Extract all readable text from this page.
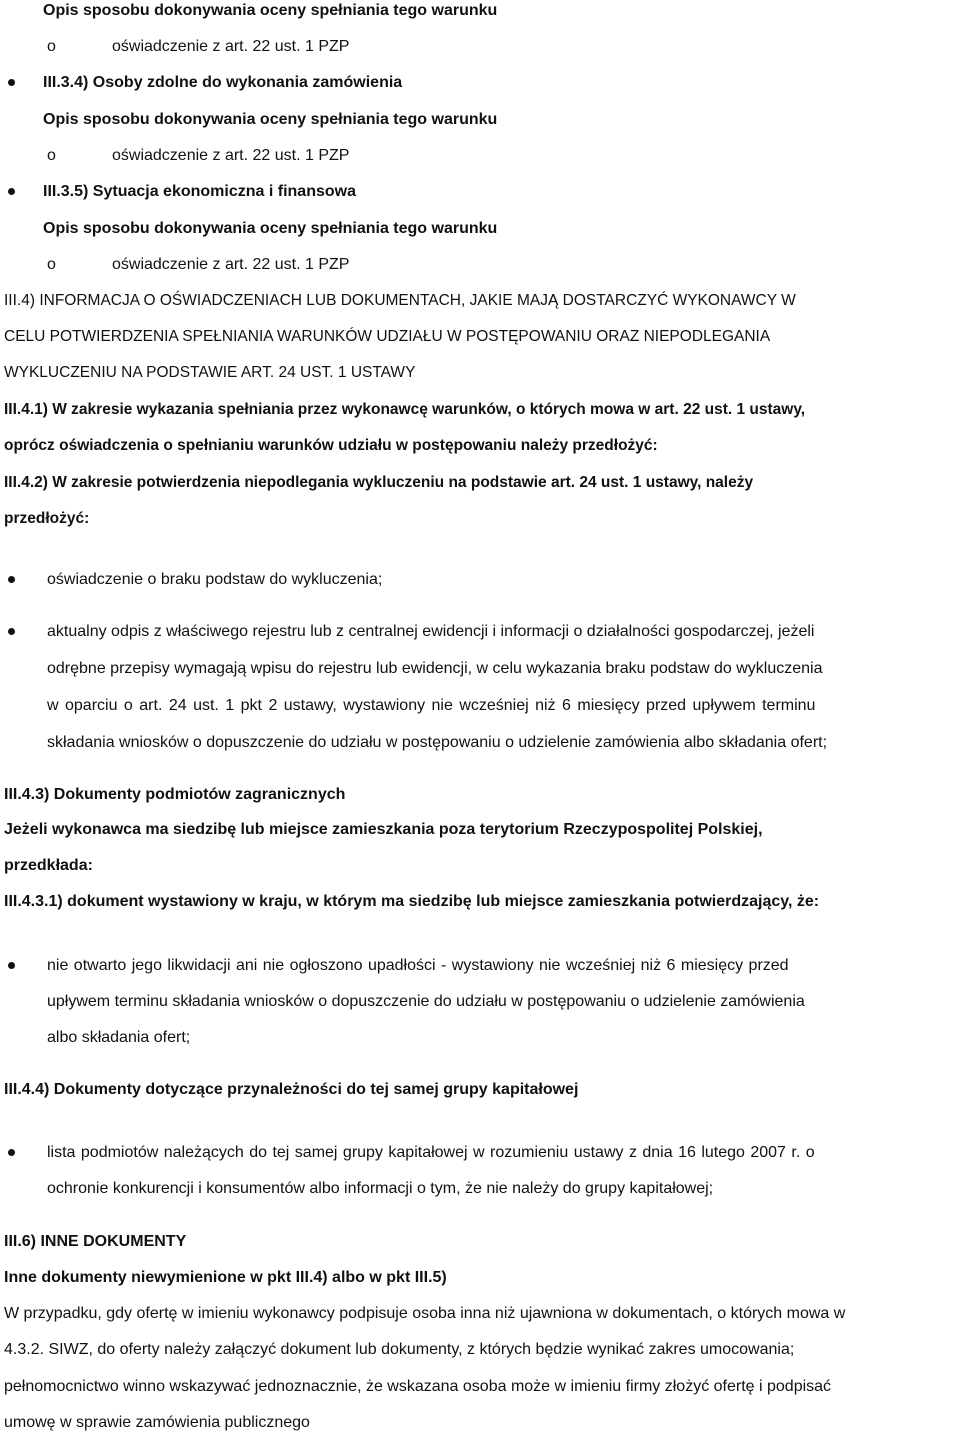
Opis sposobu dokonywania oceny spełniania tego warunku
o	oświadczenie z art. 22 ust. 1 PZP
III.3.4) Osoby zdolne do wykonania zamówienia
Opis sposobu dokonywania oceny spełniania tego warunku
o	oświadczenie z art. 22 ust. 1 PZP
III.3.5) Sytuacja ekonomiczna i finansowa
Opis sposobu dokonywania oceny spełniania tego warunku
o	oświadczenie z art. 22 ust. 1 PZP
III.4) INFORMACJA O OŚWIADCZENIACH LUB DOKUMENTACH, JAKIE MAJĄ DOSTARCZYĆ WYKONAWCY W
CELU POTWIERDZENIA SPEŁNIANIA WARUNKÓW UDZIAŁU W POSTĘPOWANIU ORAZ NIEPODLEGANIA
WYKLUCZENIU NA PODSTAWIE ART. 24 UST. 1 USTAWY
III.4.1) W zakresie wykazania spełniania przez wykonawcę warunków, o których mowa w art. 22 ust. 1 ustawy,
oprócz oświadczenia o spełnianiu warunków udziału w postępowaniu należy przedłożyć:
III.4.2) W zakresie potwierdzenia niepodlegania wykluczeniu na podstawie art. 24 ust. 1 ustawy, należy
przedłożyć:
oświadczenie o braku podstaw do wykluczenia;
aktualny odpis z właściwego rejestru lub z centralnej ewidencji i informacji o działalności gospodarczej, jeżeli
odrębne przepisy wymagają wpisu do rejestru lub ewidencji, w celu wykazania braku podstaw do wykluczenia
w oparciu o art. 24 ust. 1 pkt 2 ustawy, wystawiony nie wcześniej niż 6 miesięcy przed upływem terminu
składania wniosków o dopuszczenie do udziału w postępowaniu o udzielenie zamówienia albo składania ofert;
III.4.3) Dokumenty podmiotów zagranicznych
Jeżeli wykonawca ma siedzibę lub miejsce zamieszkania poza terytorium Rzeczypospolitej Polskiej,
przedkłada:
III.4.3.1) dokument wystawiony w kraju, w którym ma siedzibę lub miejsce zamieszkania potwierdzający, że:
nie otwarto jego likwidacji ani nie ogłoszono upadłości - wystawiony nie wcześniej niż 6 miesięcy przed
upływem terminu składania wniosków o dopuszczenie do udziału w postępowaniu o udzielenie zamówienia
albo składania ofert;
III.4.4) Dokumenty dotyczące przynależności do tej samej grupy kapitałowej
lista podmiotów należących do tej samej grupy kapitałowej w rozumieniu ustawy z dnia 16 lutego 2007 r. o
ochronie konkurencji i konsumentów albo informacji o tym, że nie należy do grupy kapitałowej;
III.6) INNE DOKUMENTY
Inne dokumenty niewymienione w pkt III.4) albo w pkt III.5)
W przypadku, gdy ofertę w imieniu wykonawcy podpisuje osoba inna niż ujawniona w dokumentach, o których mowa w
4.3.2. SIWZ, do oferty należy załączyć dokument lub dokumenty, z których będzie wynikać zakres umocowania;
pełnomocnictwo winno wskazywać jednoznacznie, że wskazana osoba może w imieniu firmy złożyć ofertę i podpisać
umowę w sprawie zamówienia publicznego
